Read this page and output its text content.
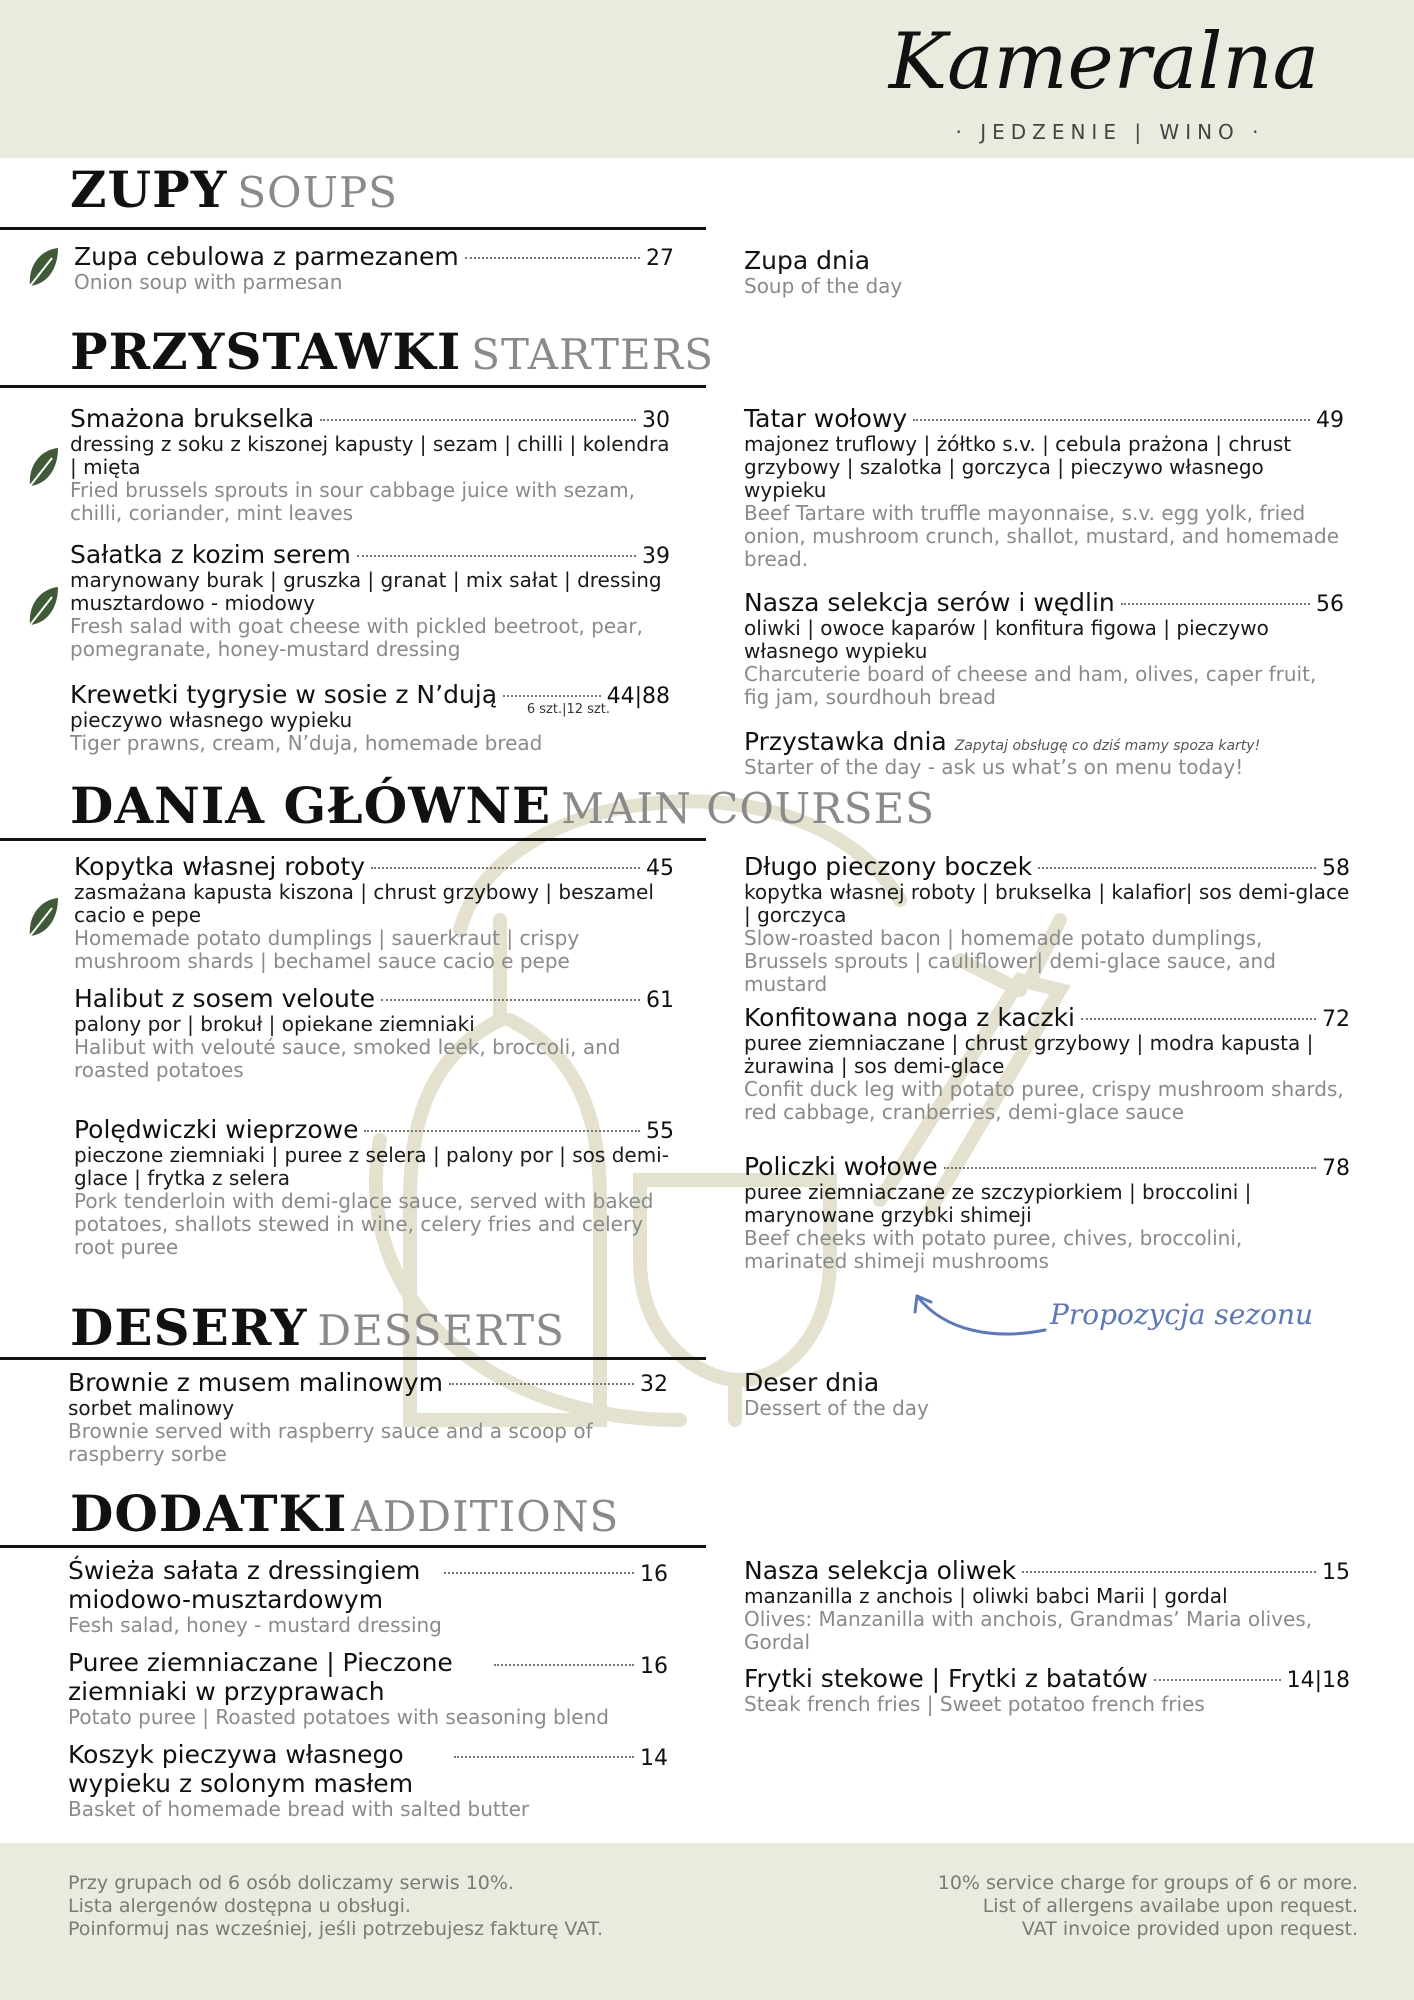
Kameralna
· JEDZENIE | WINO ·
ZUPY SOUPS
Zupa cebulowa z parmezanem	27
Onion soup with parmesan
Zupa dnia
Soup of the day
PRZYSTAWKI STARTERS
Smażona brukselka	30
dressing z soku z kiszonej kapusty | sezam | chilli | kolendra | mięta
Fried brussels sprouts in sour cabbage juice with sezam, chilli, coriander, mint leaves
Sałatka z kozim serem	39
marynowany burak | gruszka | granat | mix sałat | dressing musztardowo - miodowy
Fresh salad with goat cheese with pickled beetroot, pear, pomegranate, honey-mustard dressing
Krewetki tygrysie w sosie z N’dują	44|88
6 szt.|12 szt.
pieczywo własnego wypieku
Tiger prawns, cream, N’duja, homemade bread
Tatar wołowy	49
majonez truflowy | żółtko s.v. | cebula prażona | chrust grzybowy | szalotka | gorczyca | pieczywo własnego wypieku
Beef Tartare with truffle mayonnaise, s.v. egg yolk, fried onion, mushroom crunch, shallot, mustard, and homemade bread.
Nasza selekcja serów i wędlin	56
oliwki | owoce kaparów | konfitura figowa | pieczywo własnego wypieku
Charcuterie board of cheese and ham, olives, caper fruit, fig jam, sourdhouh bread
Przystawka dnia Zapytaj obsługę co dziś mamy spoza karty!
Starter of the day - ask us what’s on menu today!
DANIA GŁÓWNE MAIN COURSES
Kopytka własnej roboty	45
zasmażana kapusta kiszona | chrust grzybowy | beszamel cacio e pepe
Homemade potato dumplings | sauerkraut | crispy mushroom shards | bechamel sauce cacio e pepe
Halibut z sosem veloute	61
palony por | brokuł | opiekane ziemniaki
Halibut with velouté sauce, smoked leek, broccoli, and roasted potatoes
Polędwiczki wieprzowe	55
pieczone ziemniaki | puree z selera | palony por | sos demi-glace | frytka z selera
Pork tenderloin with demi-glace sauce, served with baked potatoes, shallots stewed in wine, celery fries and celery root puree
Długo pieczony boczek	58
kopytka własnej roboty | brukselka | kalafior| sos demi-glace | gorczyca
Slow-roasted bacon | homemade potato dumplings, Brussels sprouts | cauliflower| demi-glace sauce, and mustard
Konfitowana noga z kaczki	72
puree ziemniaczane | chrust grzybowy | modra kapusta | żurawina | sos demi-glace
Confit duck leg with potato puree, crispy mushroom shards, red cabbage, cranberries, demi-glace sauce
Policzki wołowe	78
puree ziemniaczane ze szczypiorkiem | broccolini | marynowane grzybki shimeji
Beef cheeks with potato puree, chives, broccolini, marinated shimeji mushrooms
Propozycja sezonu
DESERY DESSERTS
Brownie z musem malinowym	32
sorbet malinowy
Brownie served with raspberry sauce and a scoop of raspberry sorbe
Deser dnia
Dessert of the day
DODATKIADDITIONS
Świeża sałata z dressingiem miodowo-musztardowym
16
Fesh salad, honey - mustard dressing
Puree ziemniaczane | Pieczone ziemniaki w przyprawach
16
Potato puree | Roasted potatoes with seasoning blend
Koszyk pieczywa własnego wypieku z solonym masłem
14
Basket of homemade bread with salted butter
Nasza selekcja oliwek	15
manzanilla z anchois | oliwki babci Marii | gordal
Olives: Manzanilla with anchois, Grandmas’ Maria olives, Gordal
Frytki stekowe | Frytki z batatów	14|18
Steak french fries | Sweet potatoo french fries
Przy grupach od 6 osób doliczamy serwis 10%.
Lista alergenów dostępna u obsługi.
Poinformuj nas wcześniej, jeśli potrzebujesz fakturę VAT.
10% service charge for groups of 6 or more.
List of allergens availabe upon request.
VAT invoice provided upon request.
